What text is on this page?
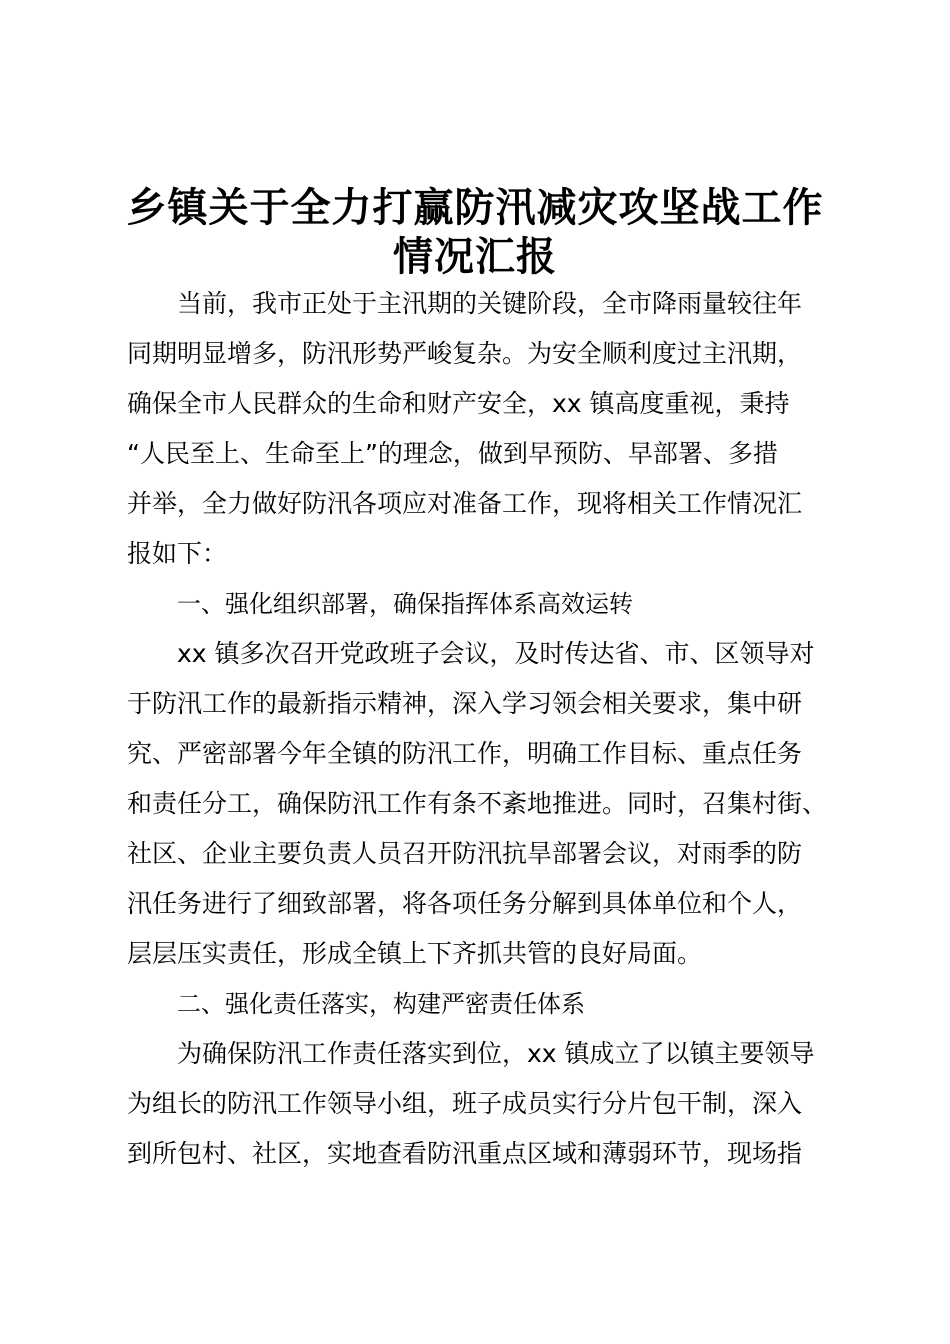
乡镇关于全力打赢防汛减灾攻坚战工作
情况汇报
当前，我市正处于主汛期的关键阶段，全市降雨量较往年
同期明显增多，防汛形势严峻复杂。为安全顺利度过主汛期，
确保全市人民群众的生命和财产安全，xx 镇高度重视，秉持
“人民至上、生命至上”的理念，做到早预防、早部署、多措
并举，全力做好防汛各项应对准备工作，现将相关工作情况汇
报如下：
一、强化组织部署，确保指挥体系高效运转
xx 镇多次召开党政班子会议，及时传达省、市、区领导对
于防汛工作的最新指示精神，深入学习领会相关要求，集中研
究、严密部署今年全镇的防汛工作，明确工作目标、重点任务
和责任分工，确保防汛工作有条不紊地推进。同时，召集村街、
社区、企业主要负责人员召开防汛抗旱部署会议，对雨季的防
汛任务进行了细致部署，将各项任务分解到具体单位和个人，
层层压实责任，形成全镇上下齐抓共管的良好局面。
二、强化责任落实，构建严密责任体系
为确保防汛工作责任落实到位，xx 镇成立了以镇主要领导
为组长的防汛工作领导小组，班子成员实行分片包干制，深入
到所包村、社区，实地查看防汛重点区域和薄弱环节，现场指
